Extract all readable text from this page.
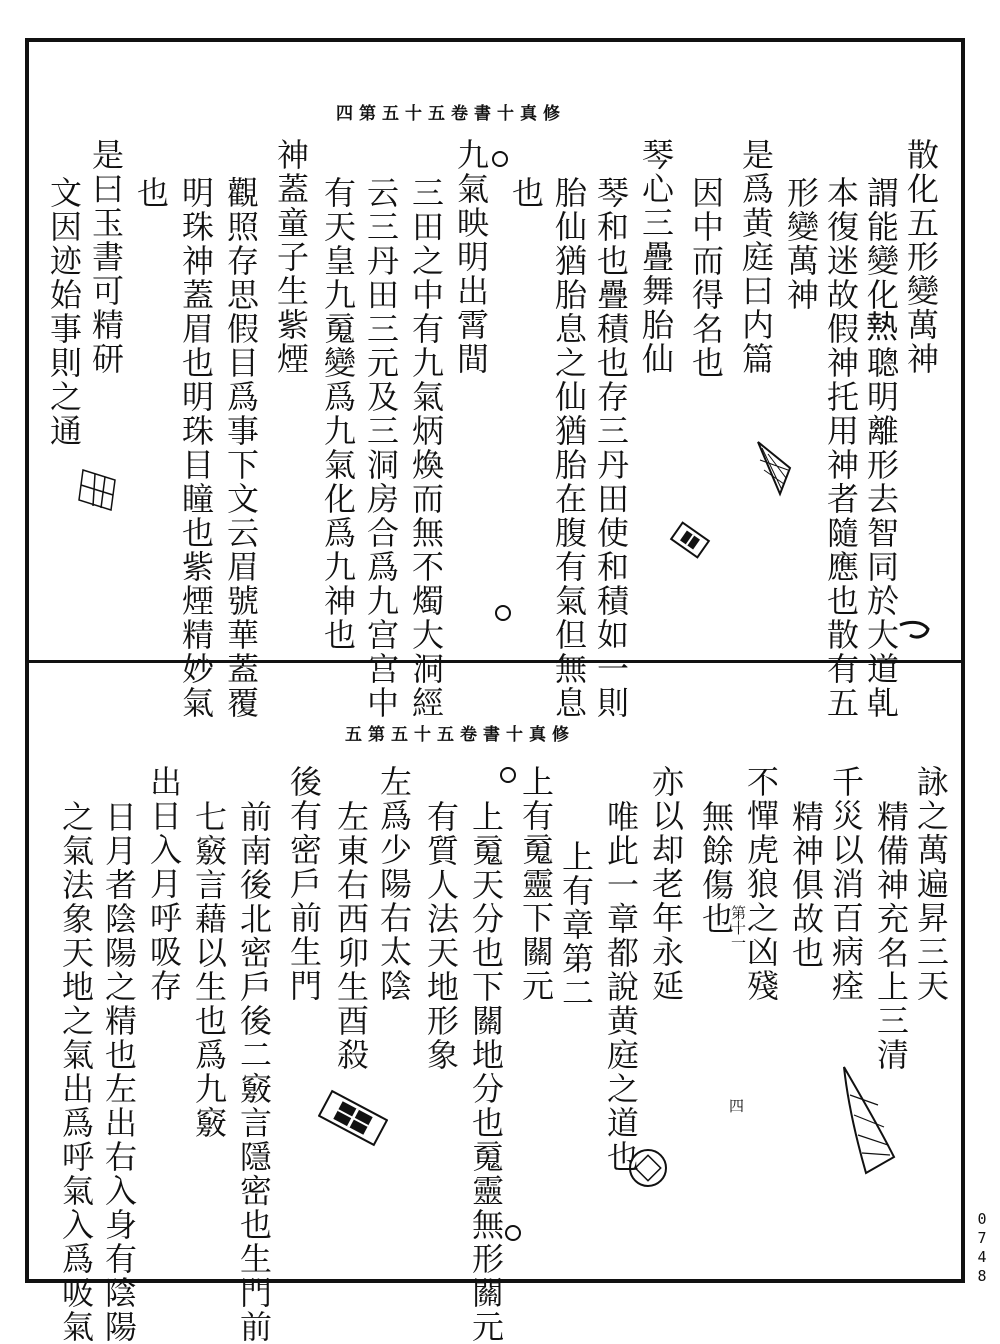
修真十書卷五十五第四
散化五形變萬神
謂能變化𤍠聰明離形去智同於大道𠃵
本復迷故假神托用神者隨應也散有五
形變萬神
是爲黄庭曰内篇
因中而得名也
琴心三疊舞胎仙
琴和也疊積也存三丹田使和積如一則
胎仙猶胎息之仙猶胎在腹有氣但無息
也
九氣映明出霄間
三田之中有九氣炳煥而無不燭大洞經
云三丹田三元及三洞房合爲九宫宫中
有天皇九䰟變爲九氣化爲九神也
神蓋童子生紫煙
觀照存思假目爲事下文云眉號華蓋覆
明珠神蓋眉也明珠目瞳也紫煙精妙氣
也
是曰玉書可精研
文因迹始事則之通
修真十書卷五十五第五
詠之萬遍昇三天
精備神充名上三清
千災以消百病痊
精神俱故也
不憚虎狼之凶殘
無餘傷也
第十一
亦以却老年永延
唯此一章都說黄庭之道也
上有章第二
上有䰟靈下關元
上䰟天分也下關地分也䰟靈無形關元
有質人法天地形象
左爲少陽右太陰
左東右西卯生酉殺
後有密戶前生門
前南後北密戶後二竅言隱密也生門前
七竅言藉以生也爲九竅
出日入月呼吸存
日月者陰陽之精也左出右入身有陰陽
之氣法象天地之氣出爲呼氣入爲吸氣	四
0748
